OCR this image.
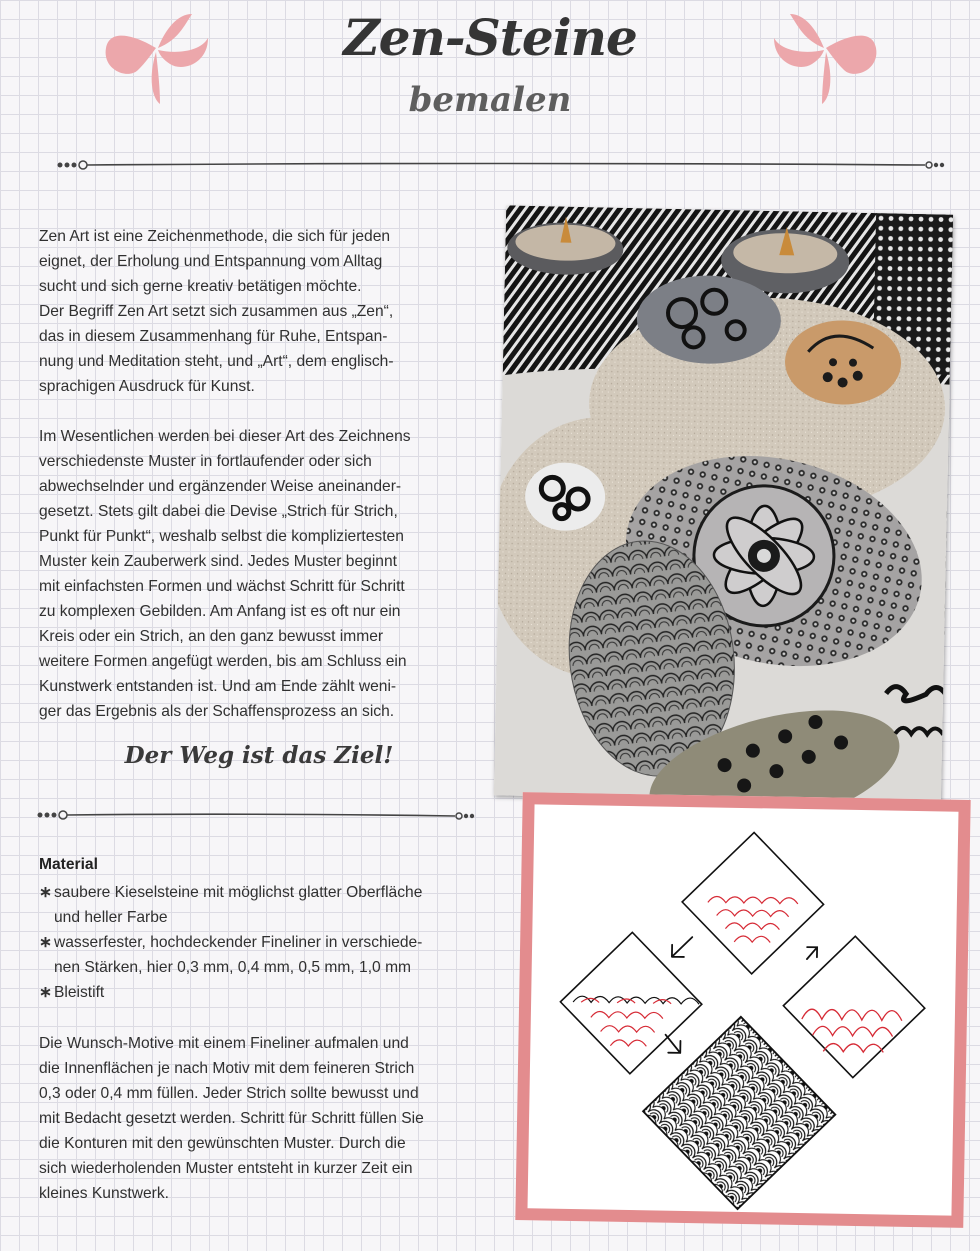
Zen-Steine
bemalen

Zen Art ist eine Zeichenmethode, die sich für jeden
eignet, der Erholung und Entspannung vom Alltag
sucht und sich gerne kreativ betätigen möchte.
Der Begriff Zen Art setzt sich zusammen aus „Zen“,
das in diesem Zusammenhang für Ruhe, Entspan-
nung und Meditation steht, und „Art“, dem englisch-
sprachigen Ausdruck für Kunst.

Im Wesentlichen werden bei dieser Art des Zeichnens
verschiedenste Muster in fortlaufender oder sich
abwechselnder und ergänzender Weise aneinander-
gesetzt. Stets gilt dabei die Devise „Strich für Strich,
Punkt für Punkt“, weshalb selbst die kompliziertesten
Muster kein Zauberwerk sind. Jedes Muster beginnt
mit einfachsten Formen und wächst Schritt für Schritt
zu komplexen Gebilden. Am Anfang ist es oft nur ein
Kreis oder ein Strich, an den ganz bewusst immer
weitere Formen angefügt werden, bis am Schluss ein
Kunstwerk entstanden ist. Und am Ende zählt weni-
ger das Ergebnis als der Schaffensprozess an sich.

Der Weg ist das Ziel!
Material
∗ saubere Kieselsteine mit möglichst glatter Oberfläche
und heller Farbe
∗ wasserfester, hochdeckender Fineliner in verschiede-
nen Stärken, hier 0,3 mm, 0,4 mm, 0,5 mm, 1,0 mm
∗ Bleistift

Die Wunsch-Motive mit einem Fineliner aufmalen und
die Innenflächen je nach Motiv mit dem feineren Strich
0,3 oder 0,4 mm füllen. Jeder Strich sollte bewusst und
mit Bedacht gesetzt werden. Schritt für Schritt füllen Sie
die Konturen mit den gewünschten Muster. Durch die
sich wiederholenden Muster entsteht in kurzer Zeit ein
kleines Kunstwerk.
